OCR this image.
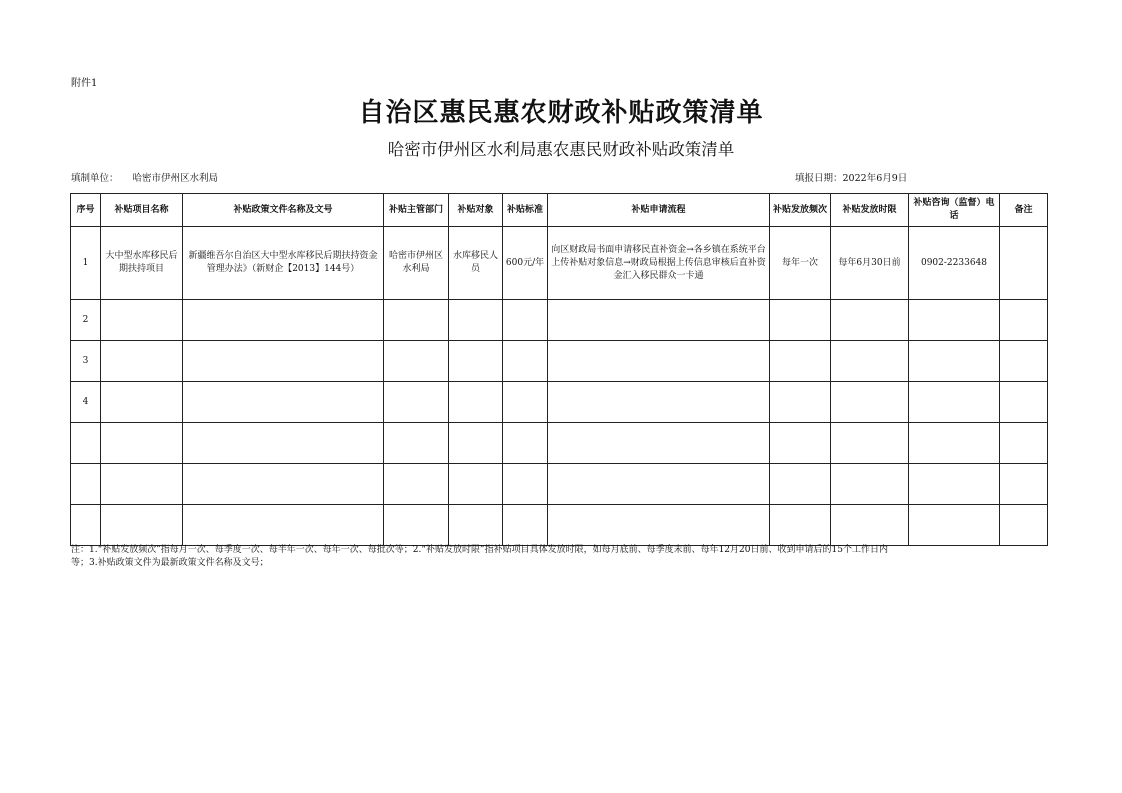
附件1
自治区惠民惠农财政补贴政策清单
哈密市伊州区水利局惠农惠民财政补贴政策清单
填制单位： 哈密市伊州区水利局	填报日期：2022年6月9日
序号	补贴项目名称	补贴政策文件名称及文号	补贴主管部门	补贴对象	补贴标准	补贴申请流程	补贴发放频次	补贴发放时限	补贴咨询（监督）电话	备注
1	大中型水库移民后期扶持项目	新疆维吾尔自治区大中型水库移民后期扶持资金管理办法》（新财企【2013】144号）	哈密市伊州区水利局	水库移民人员	600元/年	向区财政局书面申请移民直补资金→各乡镇在系统平台上传补贴对象信息→财政局根据上传信息审核后直补资金汇入移民群众一卡通	每年一次	每年6月30日前	0902-2233648	
2										
3										
4										

注：1.“补贴发放频次”指每月一次、每季度一次、每半年一次、每年一次、每批次等；2.“补贴发放时限”指补贴项目具体发放时限，如每月底前、每季度末前、每年12月20日前、收到申请后的15个工作日内
等；3.补贴政策文件为最新政策文件名称及文号；
